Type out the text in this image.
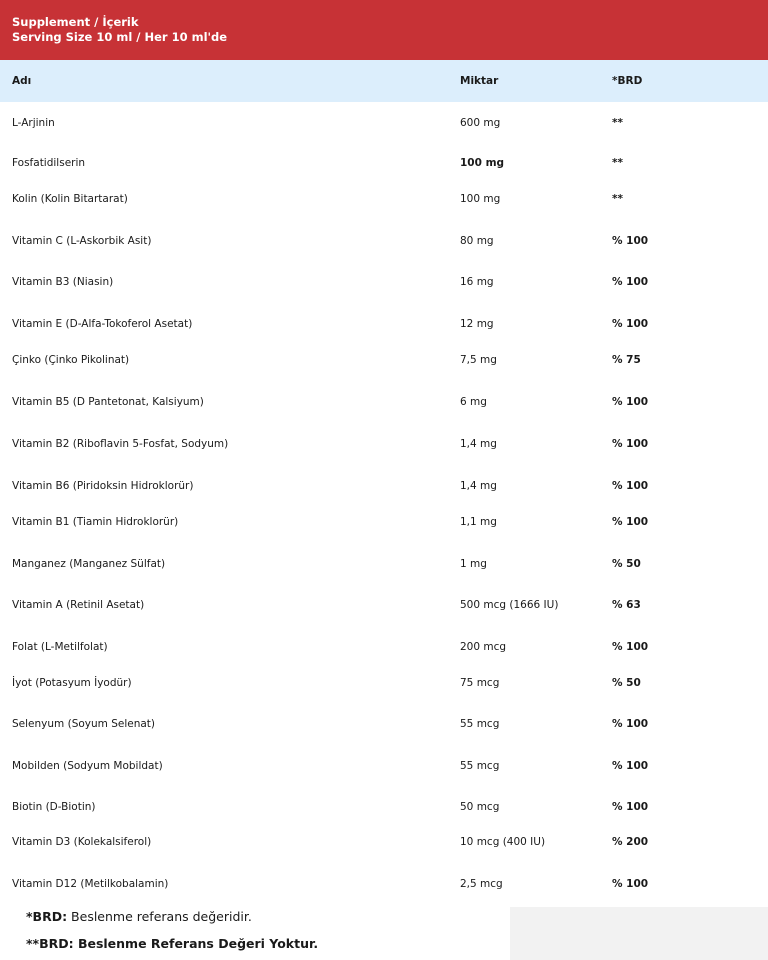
Supplement / İçerik
Serving Size 10 ml / Her 10 ml'de
Adı	Miktar	*BRD
L-Arjinin	600 mg	**
Fosfatidilserin	100 mg	**
Kolin (Kolin Bitartarat)	100 mg	**
Vitamin C (L-Askorbik Asit)	80 mg	% 100
Vitamin B3 (Niasin)	16 mg	% 100
Vitamin E (D-Alfa-Tokoferol Asetat)	12 mg	% 100
Çinko (Çinko Pikolinat)	7,5 mg	% 75
Vitamin B5 (D Pantetonat, Kalsiyum)	6 mg	% 100
Vitamin B2 (Riboflavin 5-Fosfat, Sodyum)	1,4 mg	% 100
Vitamin B6 (Piridoksin Hidroklorür)	1,4 mg	% 100
Vitamin B1 (Tiamin Hidroklorür)	1,1 mg	% 100
Manganez (Manganez Sülfat)	1 mg	% 50
Vitamin A (Retinil Asetat)	500 mcg (1666 IU)	% 63
Folat (L-Metilfolat)	200 mcg	% 100
İyot (Potasyum İyodür)	75 mcg	% 50
Selenyum (Soyum Selenat)	55 mcg	% 100
Mobilden (Sodyum Mobildat)	55 mcg	% 100
Biotin (D-Biotin)	50 mcg	% 100
Vitamin D3 (Kolekalsiferol)	10 mcg (400 IU)	% 200
Vitamin D12 (Metilkobalamin)	2,5 mcg	% 100
*BRD: Beslenme referans değeridir.
**BRD: Beslenme Referans Değeri Yoktur.
